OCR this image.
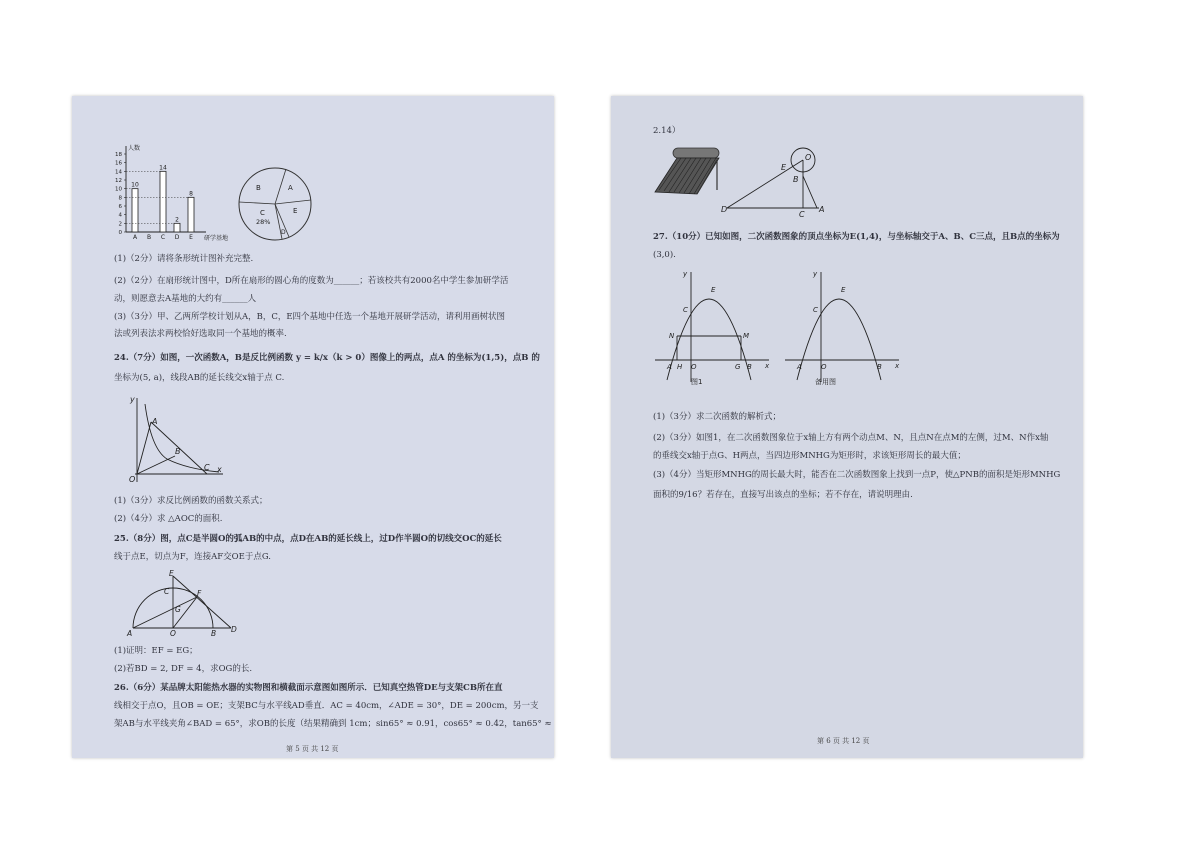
0
2
4
6
8
10
12
14
16
18
人数
10
A B
14
C
2
D
8
E 研学基地
B	A
C
28%
E
D
(1)（2分）请将条形统计图补充完整.
(2)（2分）在扇形统计图中，D所在扇形的圆心角的度数为______；若该校共有2000名中学生参加研学活
动，则愿意去A基地的大约有______人
(3)（3分）甲、乙两所学校计划从A，B，C，E四个基地中任选一个基地开展研学活动，请利用画树状图
法或列表法求两校恰好选取同一个基地的概率.
24.（7分）如图，一次函数A，B是反比例函数 y = k/x（k > 0）图像上的两点，点A 的坐标为(1,5)，点B 的
坐标为(5, a)，线段AB的延长线交x轴于点 C.
y
x
O
A
B
C
(1)（3分）求反比例函数的函数关系式；
(2)（4分）求 △AOC的面积.
25.（8分）图，点C是半圆O的弧AB的中点，点D在AB的延长线上，过D作半圆O的切线交OC的延长
线于点E，切点为F，连接AF交OE于点G.
A	O	B D
E
F
C
G
(1)证明：EF = EG；
(2)若BD = 2, DF = 4，求OG的长.
26.（6分）某品牌太阳能热水器的实物图和横截面示意图如图所示．已知真空热管DE与支架CB所在直
线相交于点O，且OB = OE；支架BC与水平线AD垂直．AC = 40cm，∠ADE = 30°，DE = 200cm，另一支
架AB与水平线夹角∠BAD = 65°，求OB的长度（结果精确到 1cm；sin65° ≈ 0.91，cos65° ≈ 0.42，tan65° ≈
第 5 页 共 12 页
2.14）
E
O
B
D
C
A
27.（10分）已知如图，二次函数图象的顶点坐标为E(1,4)，与坐标轴交于A、B、C三点，且B点的坐标为
(3,0).
y
x
E
C
N	M
A H O	G B
图1
y
x
E
C
A	O	B
备用图
(1)（3分）求二次函数的解析式；
(2)（3分）如图1，在二次函数图象位于x轴上方有两个动点M、N，且点N在点M的左侧，过M、N作x轴
的垂线交x轴于点G、H两点，当四边形MNHG为矩形时，求该矩形周长的最大值；
(3)（4分）当矩形MNHG的周长最大时，能否在二次函数图象上找到一点P，使△PNB的面积是矩形MNHG
面积的9/16？若存在，直接写出该点的坐标；若不存在，请说明理由.
第 6 页 共 12 页
